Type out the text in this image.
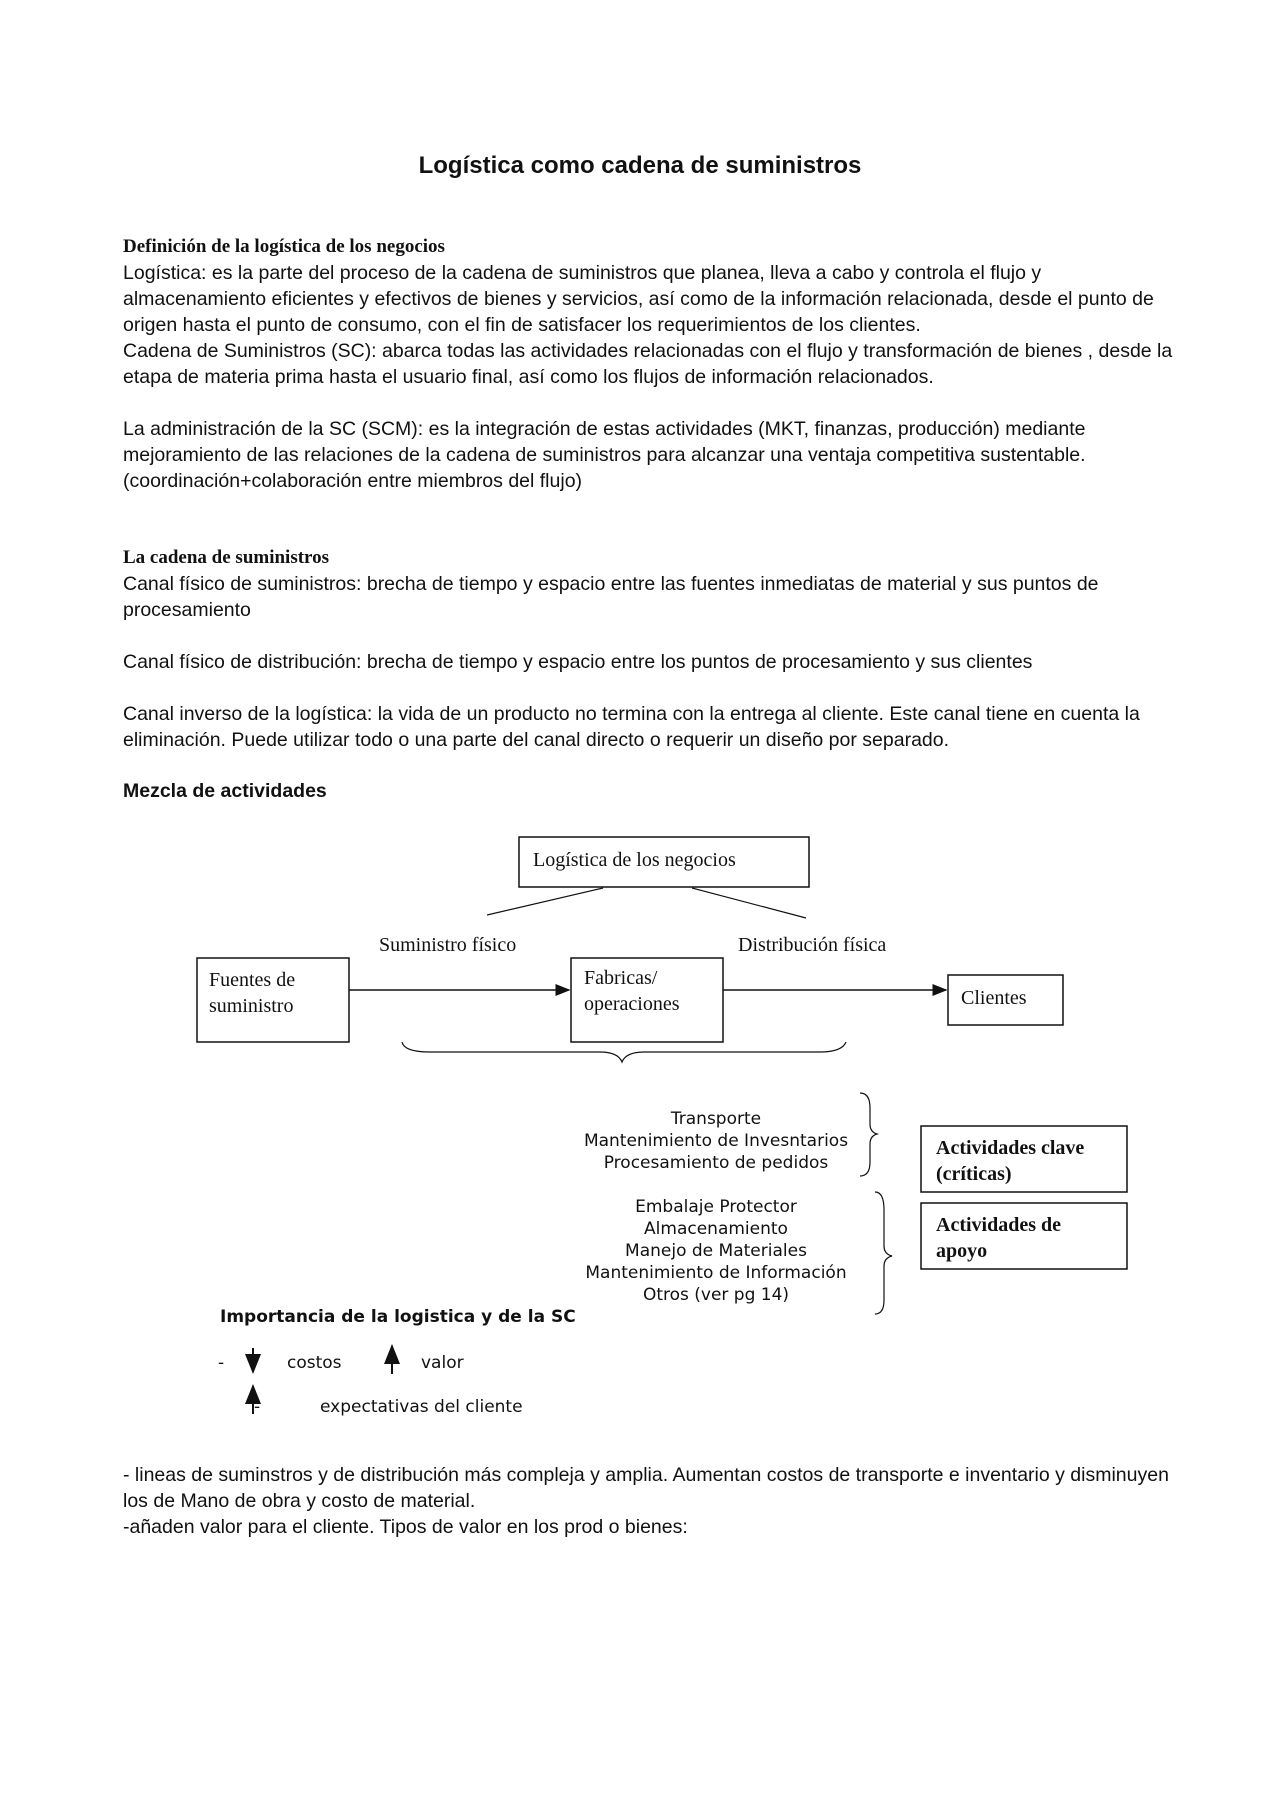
Logística como cadena de suministros

Definición de la logística de los negocios

Logística: es la parte del proceso de la cadena de suministros que planea, lleva a cabo y controla el flujo y almacenamiento eficientes y efectivos de bienes y servicios, así como de la información relacionada, desde el punto de origen hasta el punto de consumo, con el fin de satisfacer los requerimientos de los clientes.

Cadena de Suministros (SC): abarca todas las actividades relacionadas con el flujo y transformación de bienes , desde la etapa de materia prima hasta el usuario final, así como los flujos de información relacionados.

La administración de la SC (SCM): es la integración de estas actividades (MKT, finanzas, producción) mediante mejoramiento de las relaciones de la cadena de suministros para alcanzar una ventaja competitiva sustentable. (coordinación+colaboración entre miembros del flujo)

La cadena de suministros

Canal físico de suministros: brecha de tiempo y espacio entre las fuentes inmediatas de material y sus puntos de procesamiento

Canal físico de distribución: brecha de tiempo y espacio entre los puntos de procesamiento y sus clientes

Canal inverso de la logística: la vida de un producto no termina con la entrega al cliente. Este canal tiene en cuenta la eliminación. Puede utilizar todo o una parte del canal directo o requerir un diseño por separado.

Mezcla de actividades
Logística de los negocios
Suministro físico	Distribución física
Fuentes de
suministro
Fabricas/
operaciones	Clientes
Transporte
Mantenimiento de Invesntarios
Procesamiento de pedidos
Actividades clave
(críticas)
Embalaje Protector
Almacenamiento
Manejo de Materiales
Mantenimiento de Información
Otros (ver pg 14)
Actividades de
apoyo
Importancia de la logistica y de la SC
-	costos	valor
-	expectativas del cliente

- lineas de suminstros y de distribución más compleja y amplia. Aumentan costos de transporte e inventario y disminuyen los de Mano de obra y costo de material.

-añaden valor para el cliente. Tipos de valor en los prod o bienes:
